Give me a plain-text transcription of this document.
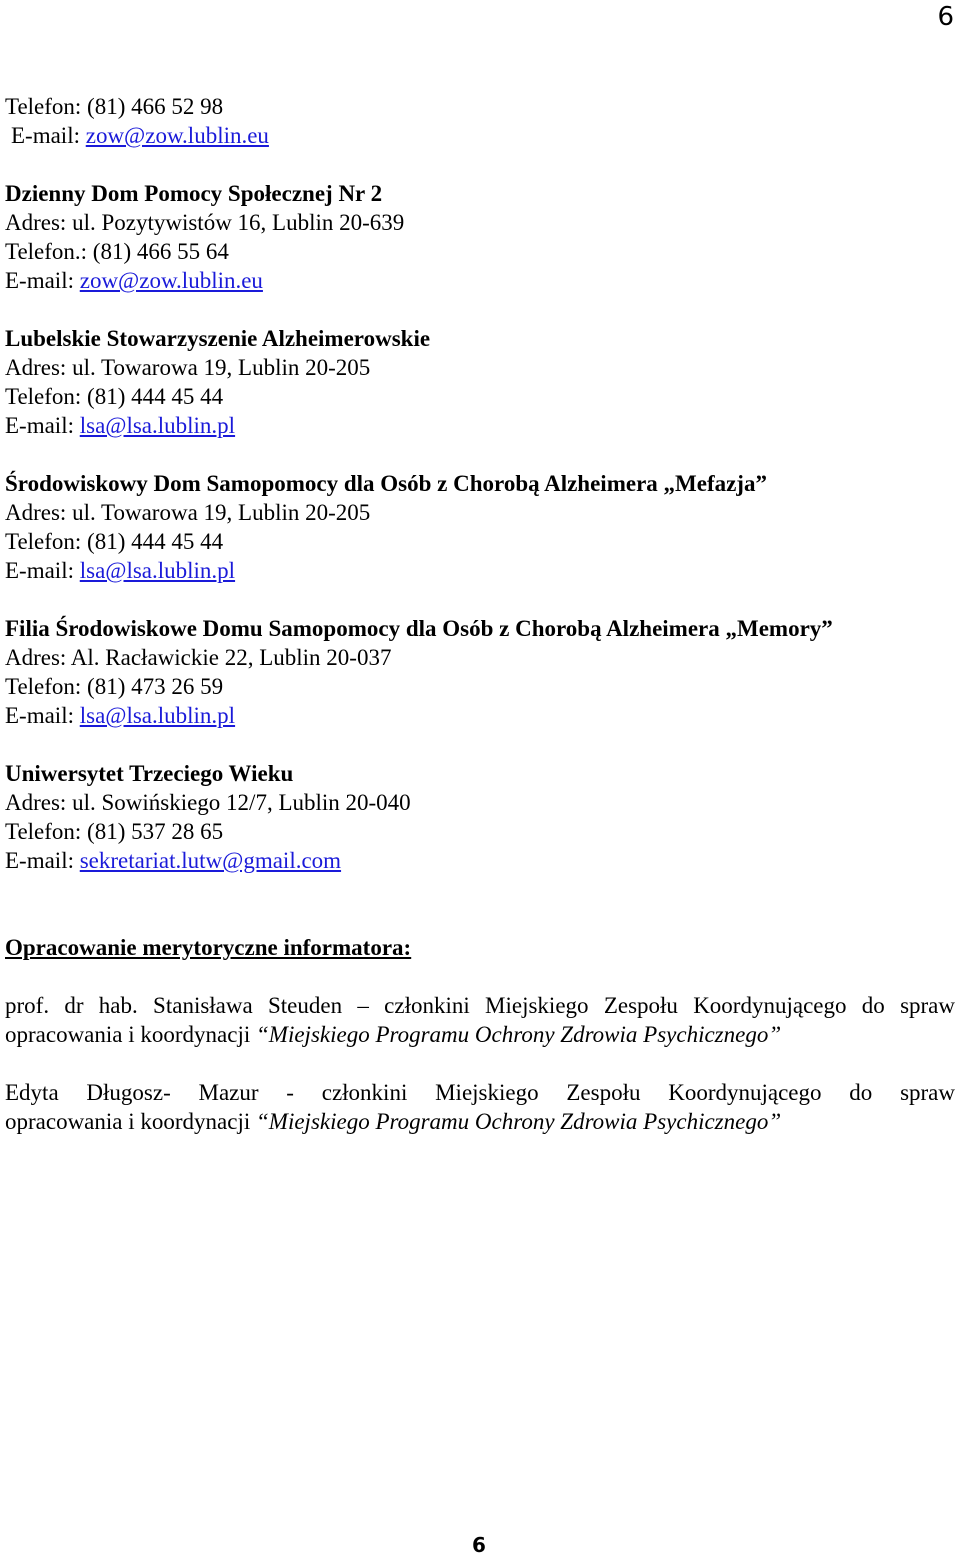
6

Telefon: (81) 466 52 98

E-mail: zow@zow.lublin.eu

Dzienny Dom Pomocy Społecznej Nr 2

Adres: ul. Pozytywistów 16, Lublin 20-639

Telefon.: (81) 466 55 64

E-mail: zow@zow.lublin.eu

Lubelskie Stowarzyszenie Alzheimerowskie

Adres: ul. Towarowa 19, Lublin 20-205

Telefon: (81) 444 45 44

E-mail: lsa@lsa.lublin.pl

Środowiskowy Dom Samopomocy dla Osób z Chorobą Alzheimera „Mefazja”

Adres: ul. Towarowa 19, Lublin 20-205

Telefon: (81) 444 45 44

E-mail: lsa@lsa.lublin.pl

Filia Środowiskowe Domu Samopomocy dla Osób z Chorobą Alzheimera „Memory”

Adres: Al. Racławickie 22, Lublin 20-037

Telefon: (81) 473 26 59

E-mail: lsa@lsa.lublin.pl

Uniwersytet Trzeciego Wieku

Adres: ul. Sowińskiego 12/7, Lublin 20-040

Telefon: (81) 537 28 65

E-mail: sekretariat.lutw@gmail.com

Opracowanie merytoryczne informatora:

prof. dr hab. Stanisława Steuden – członkini Miejskiego Zespołu Koordynującego do spraw

opracowania i koordynacji “Miejskiego Programu Ochrony Zdrowia Psychicznego”

Edyta Długosz- Mazur - członkini Miejskiego Zespołu Koordynującego do spraw

opracowania i koordynacji “Miejskiego Programu Ochrony Zdrowia Psychicznego”

6
